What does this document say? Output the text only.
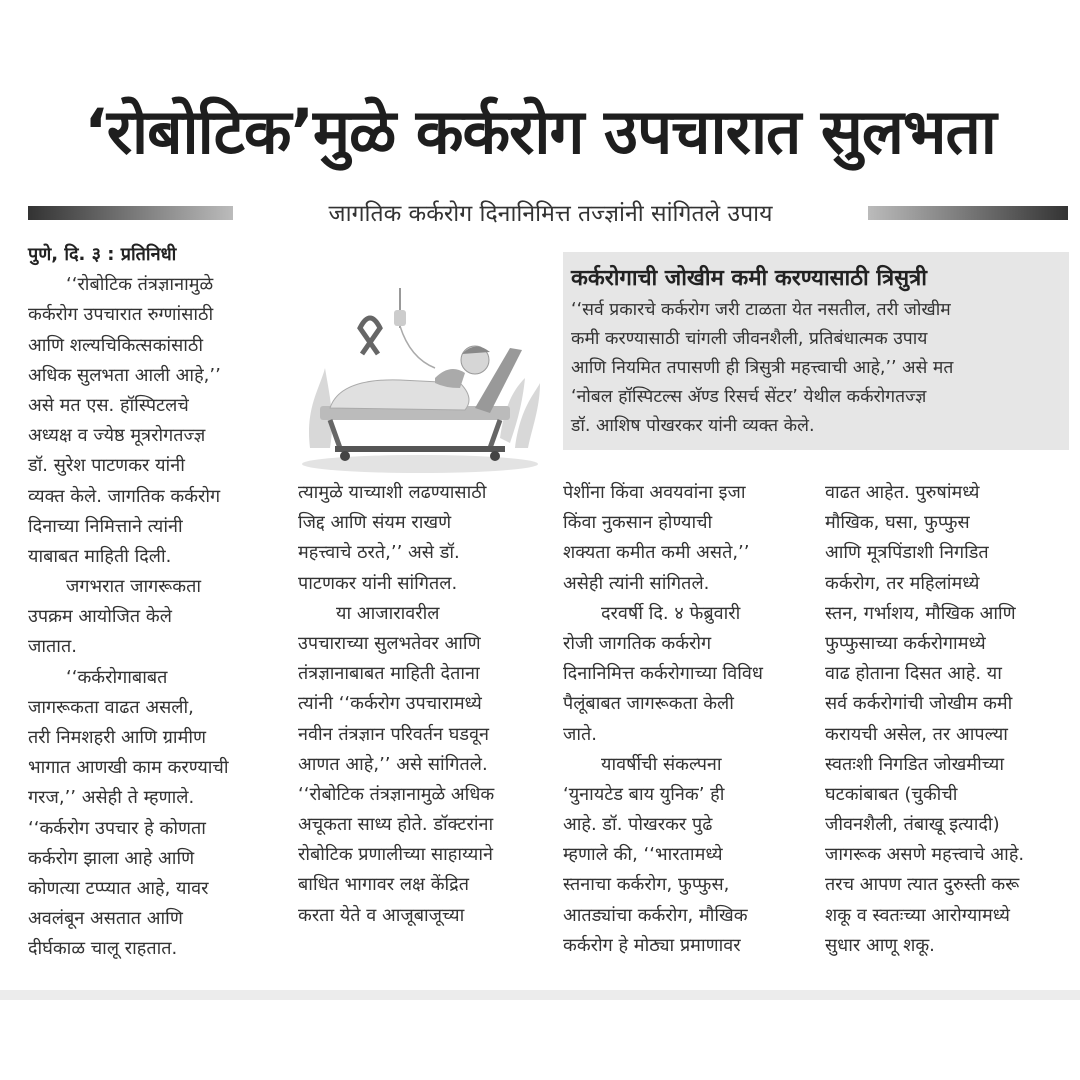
‘रोबोटिक’मुळे कर्करोग उपचारात सुलभता
जागतिक कर्करोग दिनानिमित्त तज्ज्ञांनी सांगितले उपाय
पुणे, दि. ३ : प्रतिनिधी
‘‘रोबोटिक तंत्रज्ञानामुळे
कर्करोग उपचारात रुग्णांसाठी
आणि शल्यचिकित्सकांसाठी
अधिक सुलभता आली आहे,’’
असे मत एस. हॉस्पिटलचे
अध्यक्ष व ज्येष्ठ मूत्ररोगतज्ज्ञ
डॉ. सुरेश पाटणकर यांनी
व्यक्त केले. जागतिक कर्करोग
दिनाच्या निमित्ताने त्यांनी
याबाबत माहिती दिली.
जगभरात जागरूकता
उपक्रम आयोजित केले
जातात.
‘‘कर्करोगाबाबत
जागरूकता वाढत असली,
तरी निमशहरी आणि ग्रामीण
भागात आणखी काम करण्याची
गरज,’’ असेही ते म्हणाले.
‘‘कर्करोग उपचार हे कोणता
कर्करोग झाला आहे आणि
कोणत्या टप्प्यात आहे, यावर
अवलंबून असतात आणि
दीर्घकाळ चालू राहतात.
कर्करोगाची जोखीम कमी करण्यासाठी त्रिसुत्री
‘‘सर्व प्रकारचे कर्करोग जरी टाळता येत नसतील, तरी जोखीम
कमी करण्यासाठी चांगली जीवनशैली, प्रतिबंधात्मक उपाय
आणि नियमित तपासणी ही त्रिसुत्री महत्त्वाची आहे,’’ असे मत
‘नोबल हॉस्पिटल्स अ‍ॅण्ड रिसर्च सेंटर’ येथील कर्करोगतज्ज्ञ
डॉ. आशिष पोखरकर यांनी व्यक्त केले.
त्यामुळे याच्याशी लढण्यासाठी
जिद्द आणि संयम राखणे
महत्त्वाचे ठरते,’’ असे डॉ.
पाटणकर यांनी सांगितल.
या आजारावरील
उपचाराच्या सुलभतेवर आणि
तंत्रज्ञानाबाबत माहिती देताना
त्यांनी ‘‘कर्करोग उपचारामध्ये
नवीन तंत्रज्ञान परिवर्तन घडवून
आणत आहे,’’ असे सांगितले.
‘‘रोबोटिक तंत्रज्ञानामुळे अधिक
अचूकता साध्य होते. डॉक्टरांना
रोबोटिक प्रणालीच्या साहाय्याने
बाधित भागावर लक्ष केंद्रित
करता येते व आजूबाजूच्या
पेशींना किंवा अवयवांना इजा
किंवा नुकसान होण्याची
शक्यता कमीत कमी असते,’’
असेही त्यांनी सांगितले.
दरवर्षी दि. ४ फेब्रुवारी
रोजी जागतिक कर्करोग
दिनानिमित्त कर्करोगाच्या विविध
पैलूंबाबत जागरूकता केली
जाते.
यावर्षीची संकल्पना
‘युनायटेड बाय युनिक’ ही
आहे. डॉ. पोखरकर पुढे
म्हणाले की, ‘‘भारतामध्ये
स्तनाचा कर्करोग, फुप्फुस,
आतड्यांचा कर्करोग, मौखिक
कर्करोग हे मोठ्या प्रमाणावर
वाढत आहेत. पुरुषांमध्ये
मौखिक, घसा, फुप्फुस
आणि मूत्रपिंडाशी निगडित
कर्करोग, तर महिलांमध्ये
स्तन, गर्भाशय, मौखिक आणि
फुप्फुसाच्या कर्करोगामध्ये
वाढ होताना दिसत आहे. या
सर्व कर्करोगांची जोखीम कमी
करायची असेल, तर आपल्या
स्वतःशी निगडित जोखमीच्या
घटकांबाबत (चुकीची
जीवनशैली, तंबाखू इत्यादी)
जागरूक असणे महत्त्वाचे आहे.
तरच आपण त्यात दुरुस्ती करू
शकू व स्वतःच्या आरोग्यामध्ये
सुधार आणू शकू.
